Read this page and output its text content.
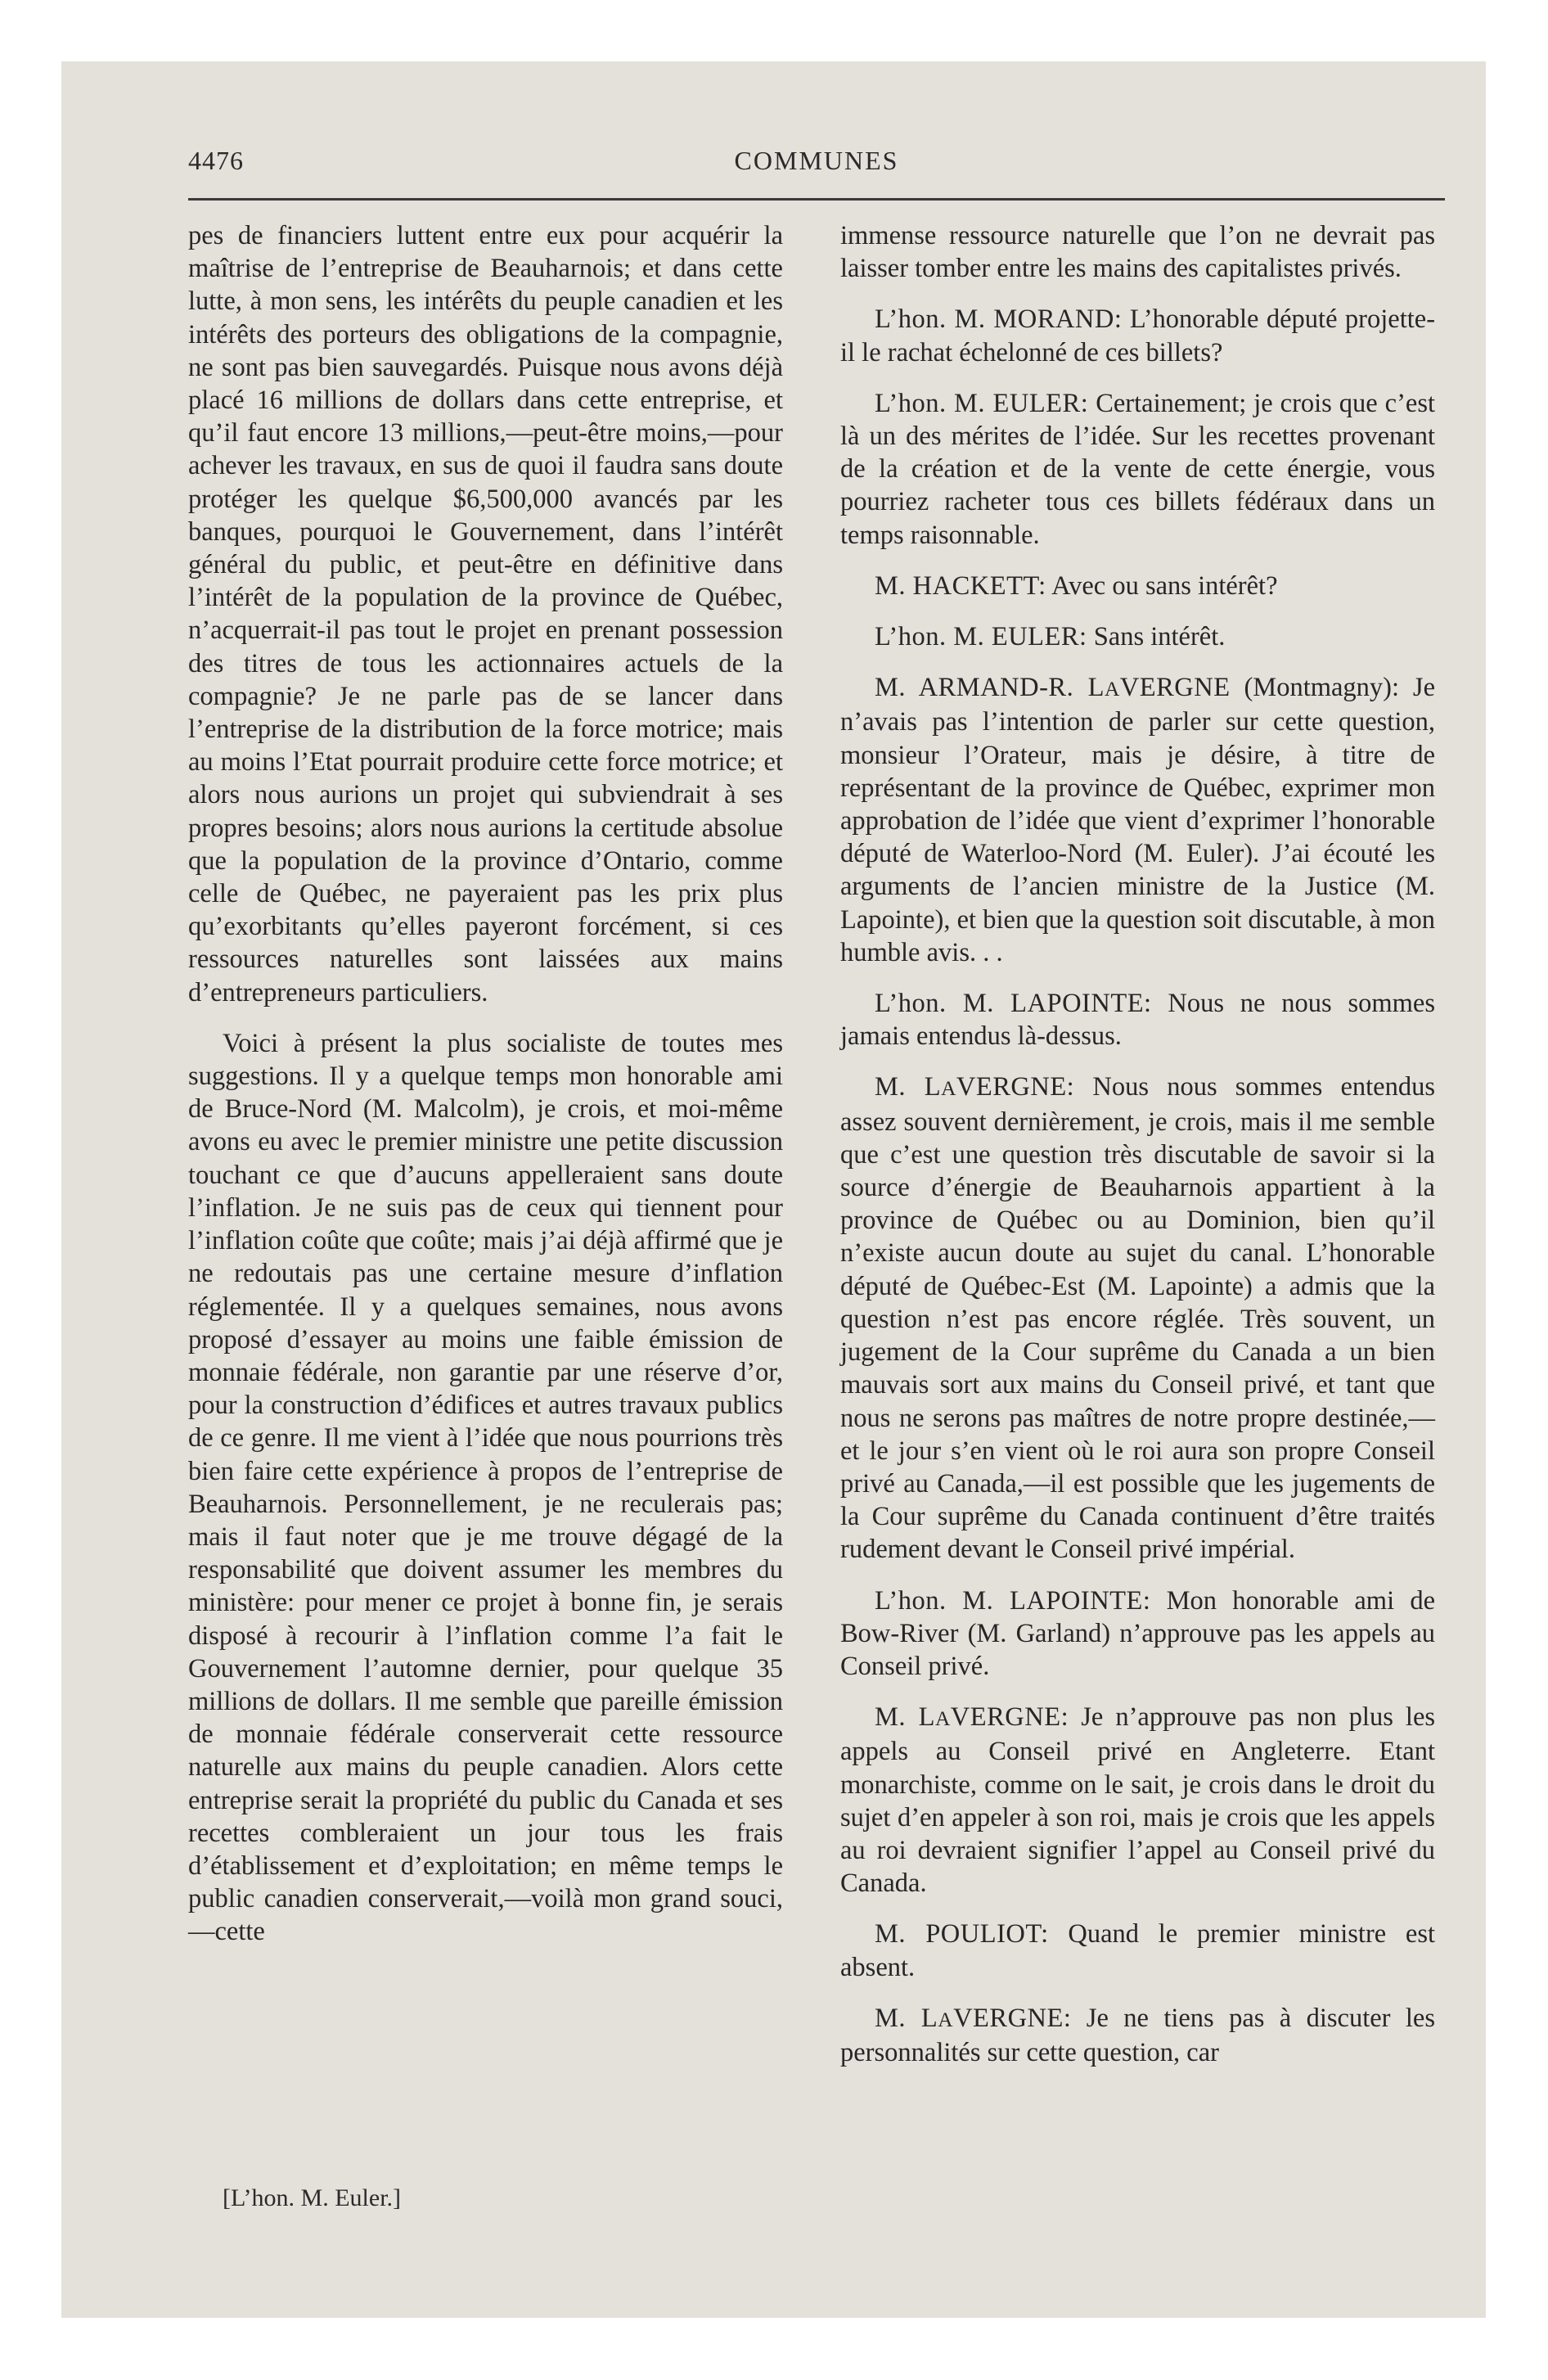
4476	COMMUNES

pes de financiers luttent entre eux pour acquérir la maîtrise de l’entreprise de Beauharnois; et dans cette lutte, à mon sens, les intérêts du peuple canadien et les intérêts des porteurs des obligations de la compagnie, ne sont pas bien sauvegardés. Puisque nous avons déjà placé 16 millions de dollars dans cette entreprise, et qu’il faut encore 13 millions,—peut-être moins,—pour achever les travaux, en sus de quoi il faudra sans doute protéger les quelque $6,500,000 avancés par les banques, pourquoi le Gouvernement, dans l’intérêt général du public, et peut-être en définitive dans l’intérêt de la population de la province de Québec, n’acquerrait-il pas tout le projet en prenant possession des titres de tous les actionnaires actuels de la compagnie? Je ne parle pas de se lancer dans l’entreprise de la distribution de la force motrice; mais au moins l’Etat pourrait produire cette force motrice; et alors nous aurions un projet qui subviendrait à ses propres besoins; alors nous aurions la certitude absolue que la population de la province d’Ontario, comme celle de Québec, ne payeraient pas les prix plus qu’exorbitants qu’elles payeront forcément, si ces ressources naturelles sont laissées aux mains d’entrepreneurs particuliers.

Voici à présent la plus socialiste de toutes mes suggestions. Il y a quelque temps mon honorable ami de Bruce-Nord (M. Malcolm), je crois, et moi-même avons eu avec le premier ministre une petite discussion touchant ce que d’aucuns appelleraient sans doute l’inflation. Je ne suis pas de ceux qui tiennent pour l’inflation coûte que coûte; mais j’ai déjà affirmé que je ne redoutais pas une certaine mesure d’inflation réglementée. Il y a quelques semaines, nous avons proposé d’essayer au moins une faible émission de monnaie fédérale, non garantie par une réserve d’or, pour la construction d’édifices et autres travaux publics de ce genre. Il me vient à l’idée que nous pourrions très bien faire cette expérience à propos de l’entreprise de Beauharnois. Personnellement, je ne reculerais pas; mais il faut noter que je me trouve dégagé de la responsabilité que doivent assumer les membres du ministère: pour mener ce projet à bonne fin, je serais disposé à recourir à l’inflation comme l’a fait le Gouvernement l’automne dernier, pour quelque 35 millions de dollars. Il me semble que pareille émission de monnaie fédérale conserverait cette ressource naturelle aux mains du peuple canadien. Alors cette entreprise serait la propriété du public du Canada et ses recettes combleraient un jour tous les frais d’établissement et d’exploitation; en même temps le public canadien conserverait,—voilà mon grand souci,—cette

[L’hon. M. Euler.]

immense ressource naturelle que l’on ne devrait pas laisser tomber entre les mains des capitalistes privés.

L’hon. M. MORAND: L’honorable député projette-il le rachat échelonné de ces billets?

L’hon. M. EULER: Certainement; je crois que c’est là un des mérites de l’idée. Sur les recettes provenant de la création et de la vente de cette énergie, vous pourriez racheter tous ces billets fédéraux dans un temps raisonnable.

M. HACKETT: Avec ou sans intérêt?

L’hon. M. EULER: Sans intérêt.

M. ARMAND-R. LAVERGNE (Montmagny): Je n’avais pas l’intention de parler sur cette question, monsieur l’Orateur, mais je désire, à titre de représentant de la province de Québec, exprimer mon approbation de l’idée que vient d’exprimer l’honorable député de Waterloo-Nord (M. Euler). J’ai écouté les arguments de l’ancien ministre de la Justice (M. Lapointe), et bien que la question soit discutable, à mon humble avis. . .

L’hon. M. LAPOINTE: Nous ne nous sommes jamais entendus là-dessus.

M. LAVERGNE: Nous nous sommes entendus assez souvent dernièrement, je crois, mais il me semble que c’est une question très discutable de savoir si la source d’énergie de Beauharnois appartient à la province de Québec ou au Dominion, bien qu’il n’existe aucun doute au sujet du canal. L’honorable député de Québec-Est (M. Lapointe) a admis que la question n’est pas encore réglée. Très souvent, un jugement de la Cour suprême du Canada a un bien mauvais sort aux mains du Conseil privé, et tant que nous ne serons pas maîtres de notre propre destinée,—et le jour s’en vient où le roi aura son propre Conseil privé au Canada,—il est possible que les jugements de la Cour suprême du Canada continuent d’être traités rudement devant le Conseil privé impérial.

L’hon. M. LAPOINTE: Mon honorable ami de Bow-River (M. Garland) n’approuve pas les appels au Conseil privé.

M. LAVERGNE: Je n’approuve pas non plus les appels au Conseil privé en Angleterre. Etant monarchiste, comme on le sait, je crois dans le droit du sujet d’en appeler à son roi, mais je crois que les appels au roi devraient signifier l’appel au Conseil privé du Canada.

M. POULIOT: Quand le premier ministre est absent.

M. LAVERGNE: Je ne tiens pas à discuter les personnalités sur cette question, car
